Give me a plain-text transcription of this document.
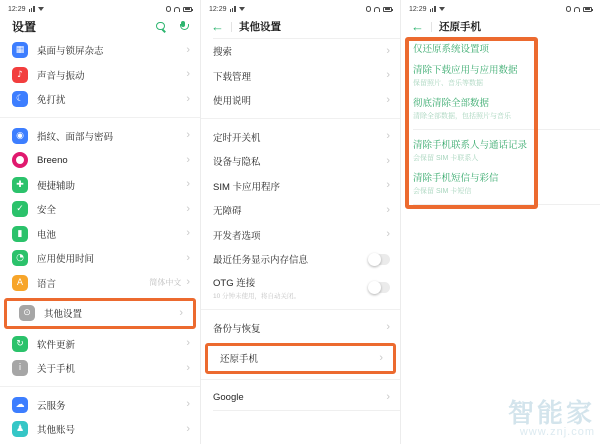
12:29
设置
▦	桌面与锁屏杂志	›
♪	声音与振动	›
☾	免打扰	›
◉	指纹、面部与密码	›
Breeno	›
✚	便捷辅助	›
✓	安全	›
▮	电池	›
◔	应用使用时间	›
A	语言	简体中文 ›
⊙	其他设置	›
↻	软件更新	›
i	关于手机	›
☁	云服务	›
♟	其他账号	›
12:29
← 其他设置
搜索	›
下载管理	›
使用说明	›
定时开关机	›
设备与隐私	›
SIM 卡应用程序	›
无障碍	›
开发者选项	›
最近任务显示内存信息
OTG 连接
10 分钟未使用，将自动关闭。
备份与恢复	›
还原手机	›
Google	›
12:29
← 还原手机
仅还原系统设置项
清除下载应用与应用数据
保留照片、音乐等数据
彻底清除全部数据
清除全部数据，包括照片与音乐
清除手机联系人与通话记录
会保留 SIM 卡联系人
清除手机短信与彩信
会保留 SIM 卡短信
智能家
www.znj.com
